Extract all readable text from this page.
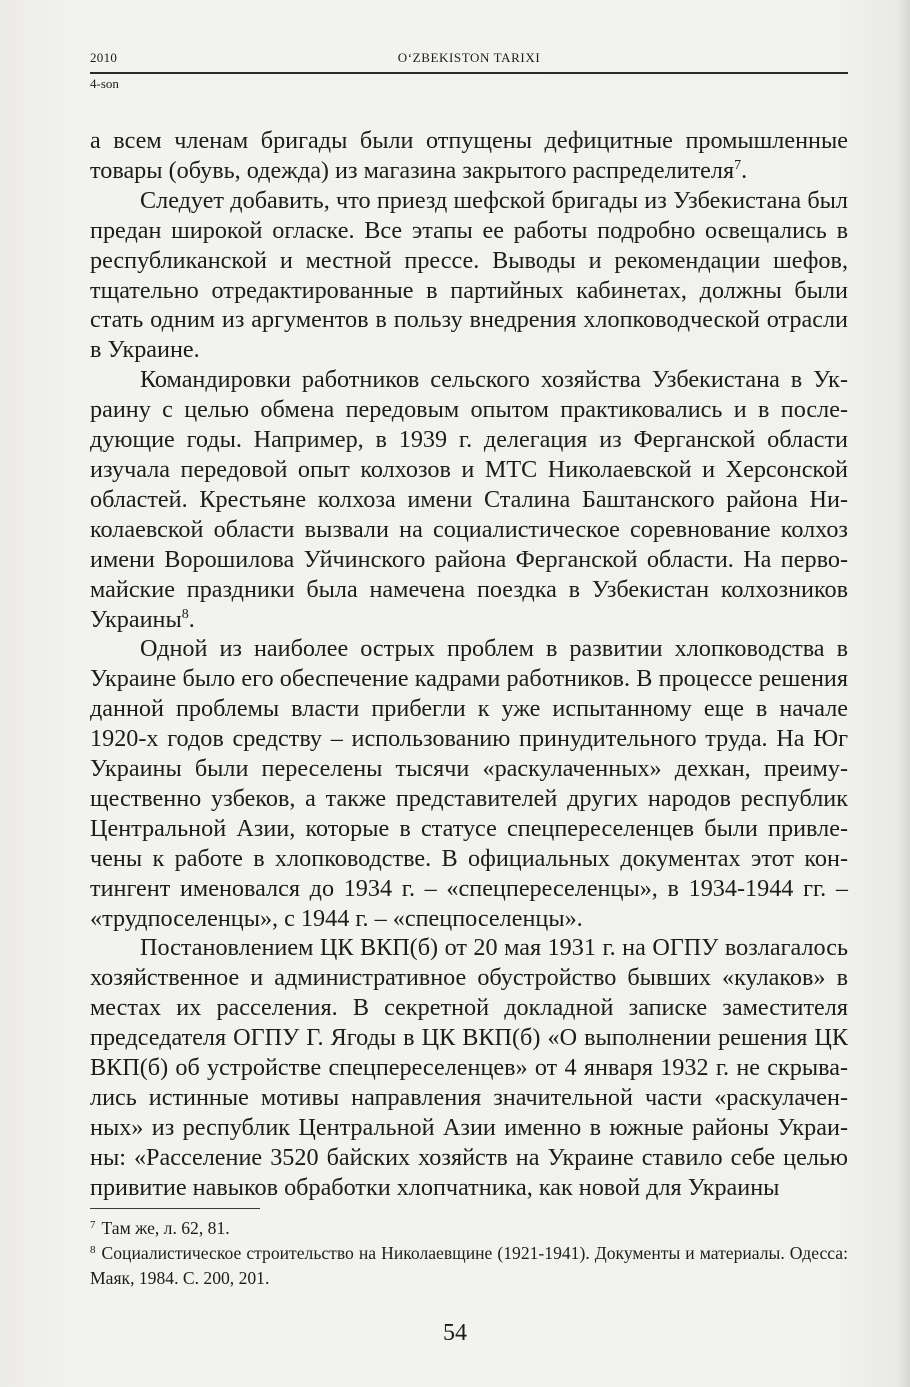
2010	O‘ZBEKISTON TARIXI
4-son

а всем членам бригады были отпущены дефицитные промышленные товары (обувь, одежда) из магазина закрытого распределителя$^7$.

Следует добавить, что приезд шефской бригады из Узбекистана был предан широкой огласке. Все этапы ее работы подробно освещались в республиканской и местной прессе. Выводы и рекомендации шефов, тщательно отредактированные в партийных кабинетах, должны были стать одним из аргументов в пользу внедрения хлопководческой отрасли в Украине.

Командировки работников сельского хозяйства Узбекистана в Украину с целью обмена передовым опытом практиковались и в последующие годы. Например, в 1939 г. делегация из Ферганской области изучала передовой опыт колхозов и МТС Николаевской и Херсонской областей. Крестьяне колхоза имени Сталина Баштанского района Николаевской области вызвали на социалистическое соревнование колхоз имени Ворошилова Уйчинского района Ферганской области. На первомайские праздники была намечена поездка в Узбекистан колхозников Украины$^8$.

Одной из наиболее острых проблем в развитии хлопководства в Украине было его обеспечение кадрами работников. В процессе решения данной проблемы власти прибегли к уже испытанному еще в начале 1920-х годов средству – использованию принудительного труда. На Юг Украины были переселены тысячи «раскулаченных» дехкан, преимущественно узбеков, а также представителей других народов республик Центральной Азии, которые в статусе спецпереселенцев были привлечены к работе в хлопководстве. В официальных документах этот контингент именовался до 1934 г. – «спецпереселенцы», в 1934-1944 гг. – «трудпоселенцы», с 1944 г. – «спецпоселенцы».

Постановлением ЦК ВКП(б) от 20 мая 1931 г. на ОГПУ возлагалось хозяйственное и административное обустройство бывших «кулаков» в местах их расселения. В секретной докладной записке заместителя председателя ОГПУ Г. Ягоды в ЦК ВКП(б) «О выполнении решения ЦК ВКП(б) об устройстве спецпереселенцев» от 4 января 1932 г. не скрывались истинные мотивы направления значительной части «раскулаченных» из республик Центральной Азии именно в южные районы Украины: «Расселение 3520 байских хозяйств на Украине ставило себе целью привитие навыков обработки хлопчатника, как новой для Украины

$^7$ Там же, л. 62, 81.

$^8$ Социалистическое строительство на Николаевщине (1921-1941). Документы и материалы. Одесса: Маяк, 1984. С. 200, 201.

54
